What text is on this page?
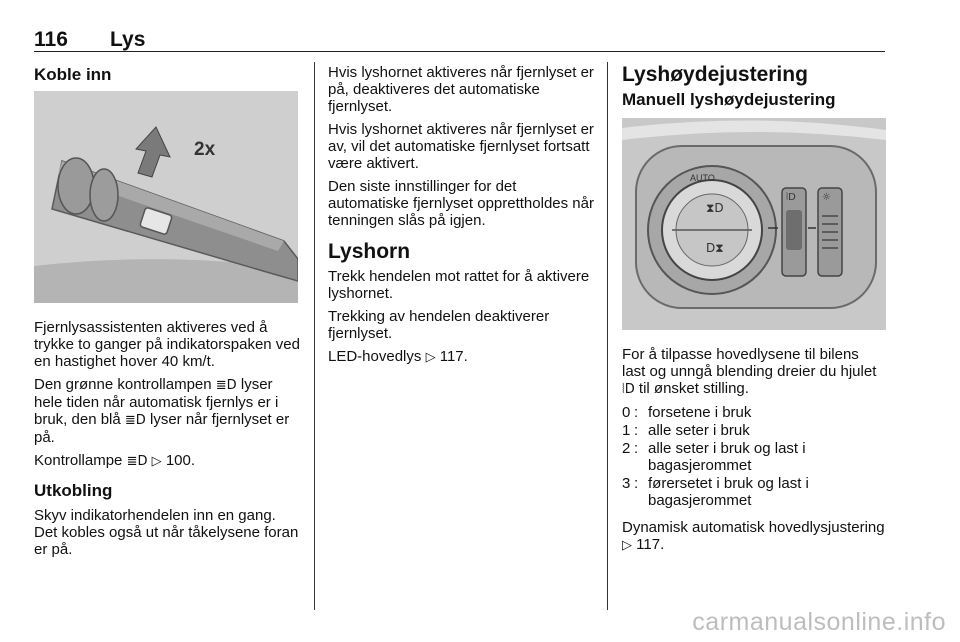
116 Lys
Koble inn
2x

Fjernlysassistenten aktiveres ved å trykke to ganger på indikatorspaken ved en hastighet hover 40 km/t.

Den grønne kontrollampen ≣D lyser hele tiden når automatisk fjernlys er i bruk, den blå ≣D lyser når fjernlyset er på.

Kontrollampe ≣D ▷ 100.

Utkobling

Skyv indikatorhendelen inn en gang. Det kobles også ut når tåkelysene foran er på.

Hvis lyshornet aktiveres når fjernlyset er på, deaktiveres det automatiske fjernlyset.

Hvis lyshornet aktiveres når fjernlyset er av, vil det automatiske fjernlyset fortsatt være aktivert.

Den siste innstillinger for det automatiske fjernlyset opprettholdes når tenningen slås på igjen.

Lyshorn

Trekk hendelen mot rattet for å aktivere lyshornet.

Trekking av hendelen deaktiverer fjernlyset.

LED-hovedlys ▷ 117.

Lyshøydejustering
Manuell lyshøydejustering
⧗D
D⧗
⦚D	☼
AUTO

For å tilpasse hovedlysene til bilens last og unngå blending dreier du hjulet ⦚D til ønsket stilling.

0 : forsetene i bruk
1 : alle seter i bruk
2 : alle seter i bruk og last i bagasjerommet
3 : førersetet i bruk og last i bagasjerommet

Dynamisk automatisk hovedlysjustering ▷ 117.

carmanualsonline.info
